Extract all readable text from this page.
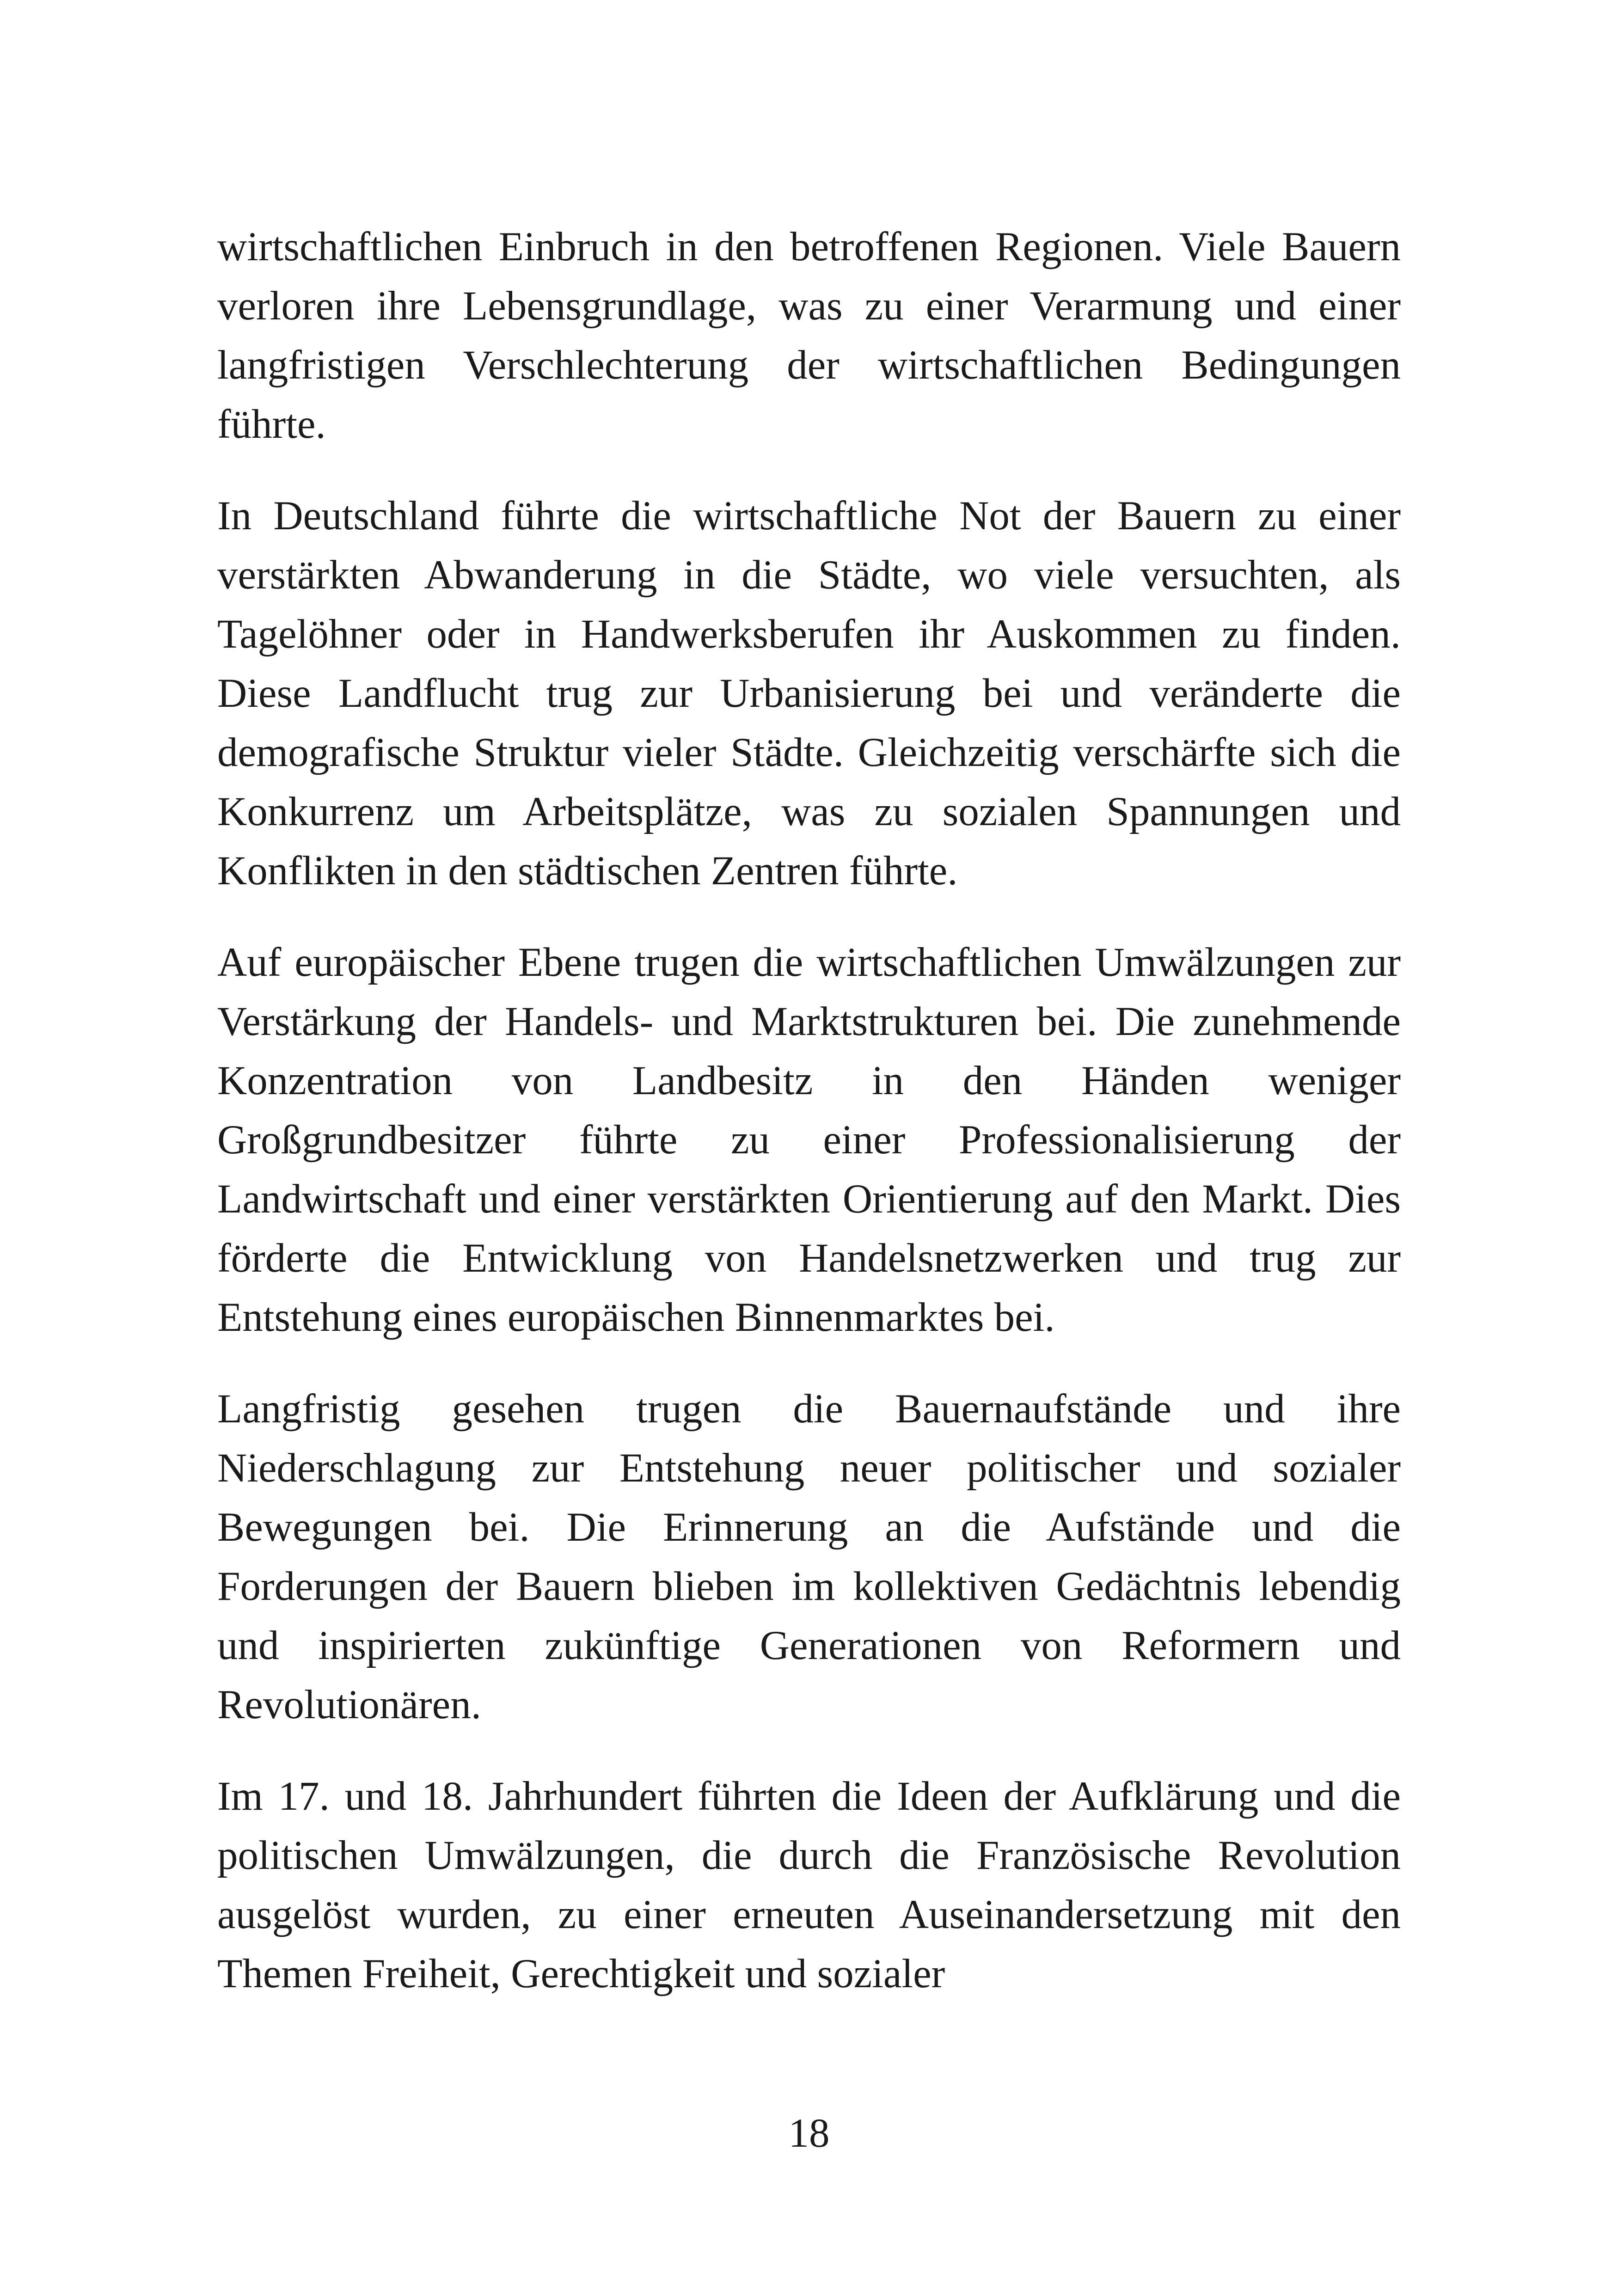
wirtschaftlichen Einbruch in den betroffenen Regionen. Viele Bauern verloren ihre Lebensgrundlage, was zu einer Verarmung und einer langfristigen Verschlechterung der wirtschaftlichen Bedingungen führte.

In Deutschland führte die wirtschaftliche Not der Bauern zu einer verstärkten Abwanderung in die Städte, wo viele versuchten, als Tagelöhner oder in Handwerksberufen ihr Auskommen zu finden. Diese Landflucht trug zur Urbanisierung bei und veränderte die demografische Struktur vieler Städte. Gleichzeitig verschärfte sich die Konkurrenz um Arbeitsplätze, was zu sozialen Spannungen und Konflikten in den städtischen Zentren führte.

Auf europäischer Ebene trugen die wirtschaftlichen Umwälzungen zur Verstärkung der Handels- und Marktstrukturen bei. Die zunehmende Konzentration von Landbesitz in den Händen weniger Großgrundbesitzer führte zu einer Professionalisierung der Landwirtschaft und einer verstärkten Orientierung auf den Markt. Dies förderte die Entwicklung von Handelsnetzwerken und trug zur Entstehung eines europäischen Binnenmarktes bei.

Langfristig gesehen trugen die Bauernaufstände und ihre Niederschlagung zur Entstehung neuer politischer und sozialer Bewegungen bei. Die Erinnerung an die Aufstände und die Forderungen der Bauern blieben im kollektiven Gedächtnis lebendig und inspirierten zukünftige Generationen von Reformern und Revolutionären.

Im 17. und 18. Jahrhundert führten die Ideen der Aufklärung und die politischen Umwälzungen, die durch die Französische Revolution ausgelöst wurden, zu einer erneuten Auseinandersetzung mit den Themen Freiheit, Gerechtigkeit und sozialer

18
